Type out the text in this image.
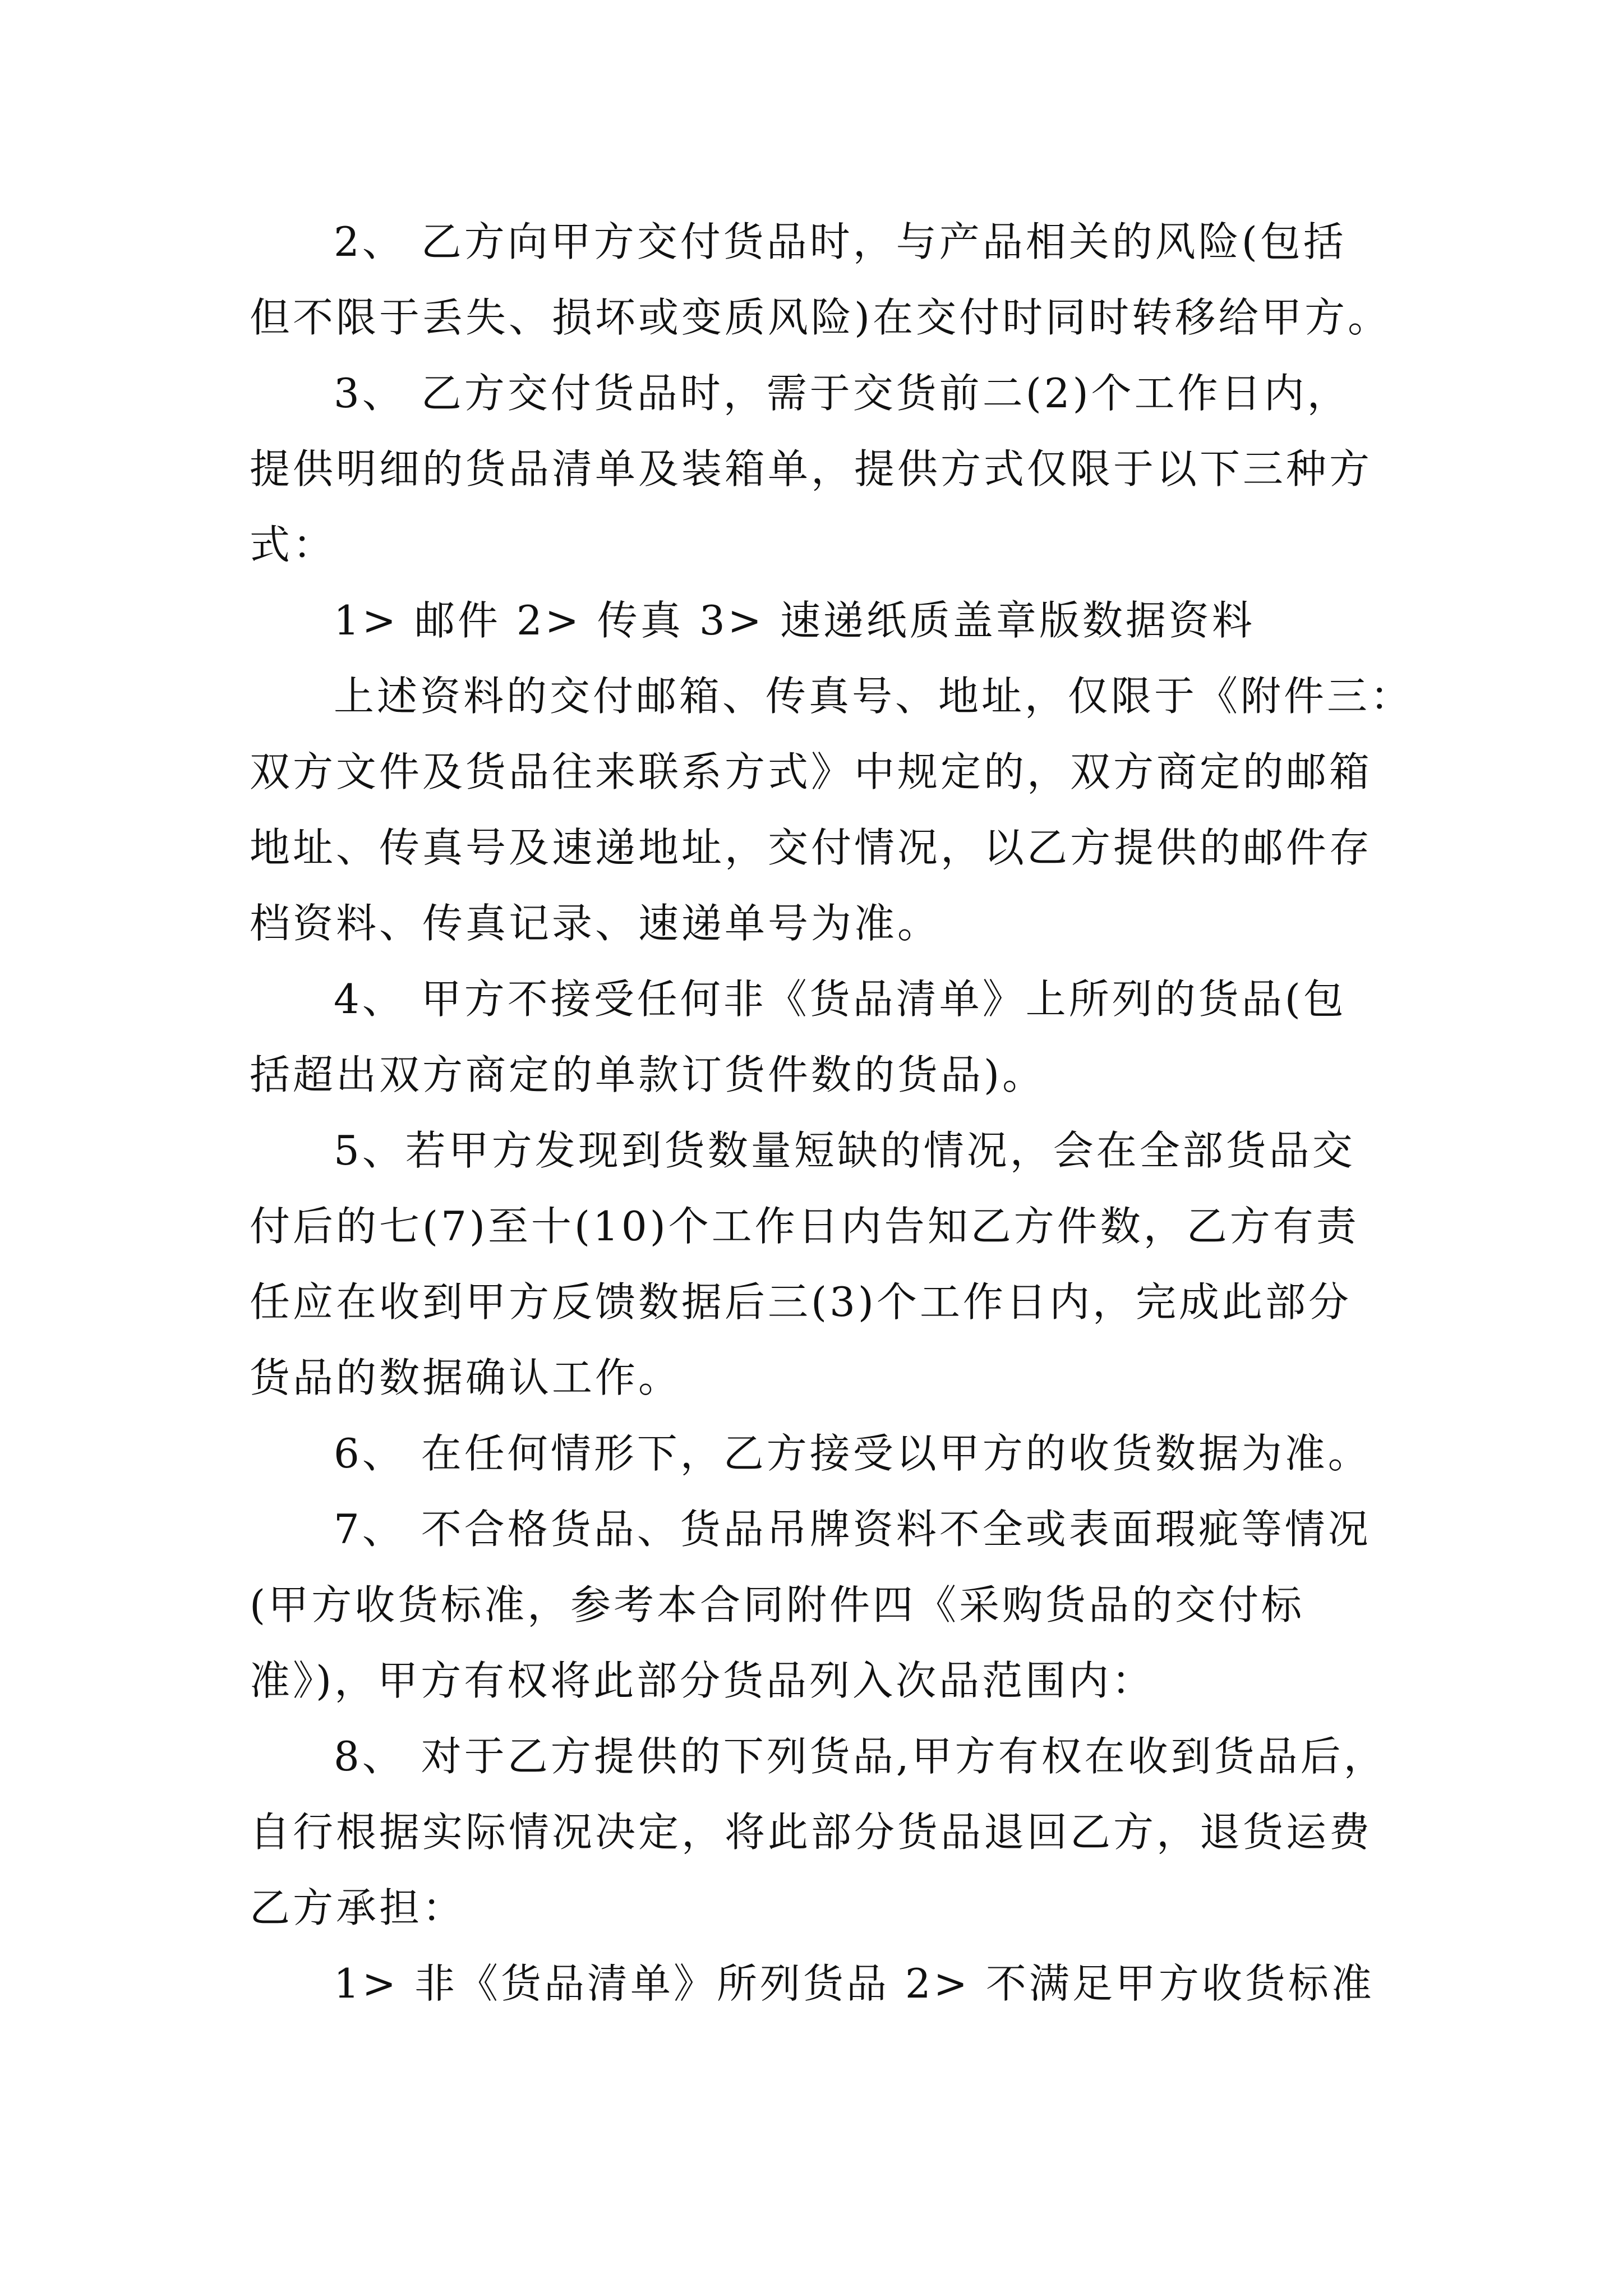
2、 乙方向甲方交付货品时，与产品相关的风险(包括
但不限于丢失、损坏或变质风险)在交付时同时转移给甲方。
3、 乙方交付货品时，需于交货前二(2)个工作日内，
提供明细的货品清单及装箱单，提供方式仅限于以下三种方
式：
1> 邮件 2> 传真 3> 速递纸质盖章版数据资料
上述资料的交付邮箱、传真号、地址，仅限于《附件三：
双方文件及货品往来联系方式》中规定的，双方商定的邮箱
地址、传真号及速递地址，交付情况，以乙方提供的邮件存
档资料、传真记录、速递单号为准。
4、 甲方不接受任何非《货品清单》上所列的货品(包
括超出双方商定的单款订货件数的货品)。
5、若甲方发现到货数量短缺的情况，会在全部货品交
付后的七(7)至十(10)个工作日内告知乙方件数，乙方有责
任应在收到甲方反馈数据后三(3)个工作日内，完成此部分
货品的数据确认工作。
6、 在任何情形下，乙方接受以甲方的收货数据为准。
7、 不合格货品、货品吊牌资料不全或表面瑕疵等情况
(甲方收货标准，参考本合同附件四《采购货品的交付标
准》)，甲方有权将此部分货品列入次品范围内：
8、 对于乙方提供的下列货品,甲方有权在收到货品后，
自行根据实际情况决定，将此部分货品退回乙方，退货运费
乙方承担：
1> 非《货品清单》所列货品 2> 不满足甲方收货标准
